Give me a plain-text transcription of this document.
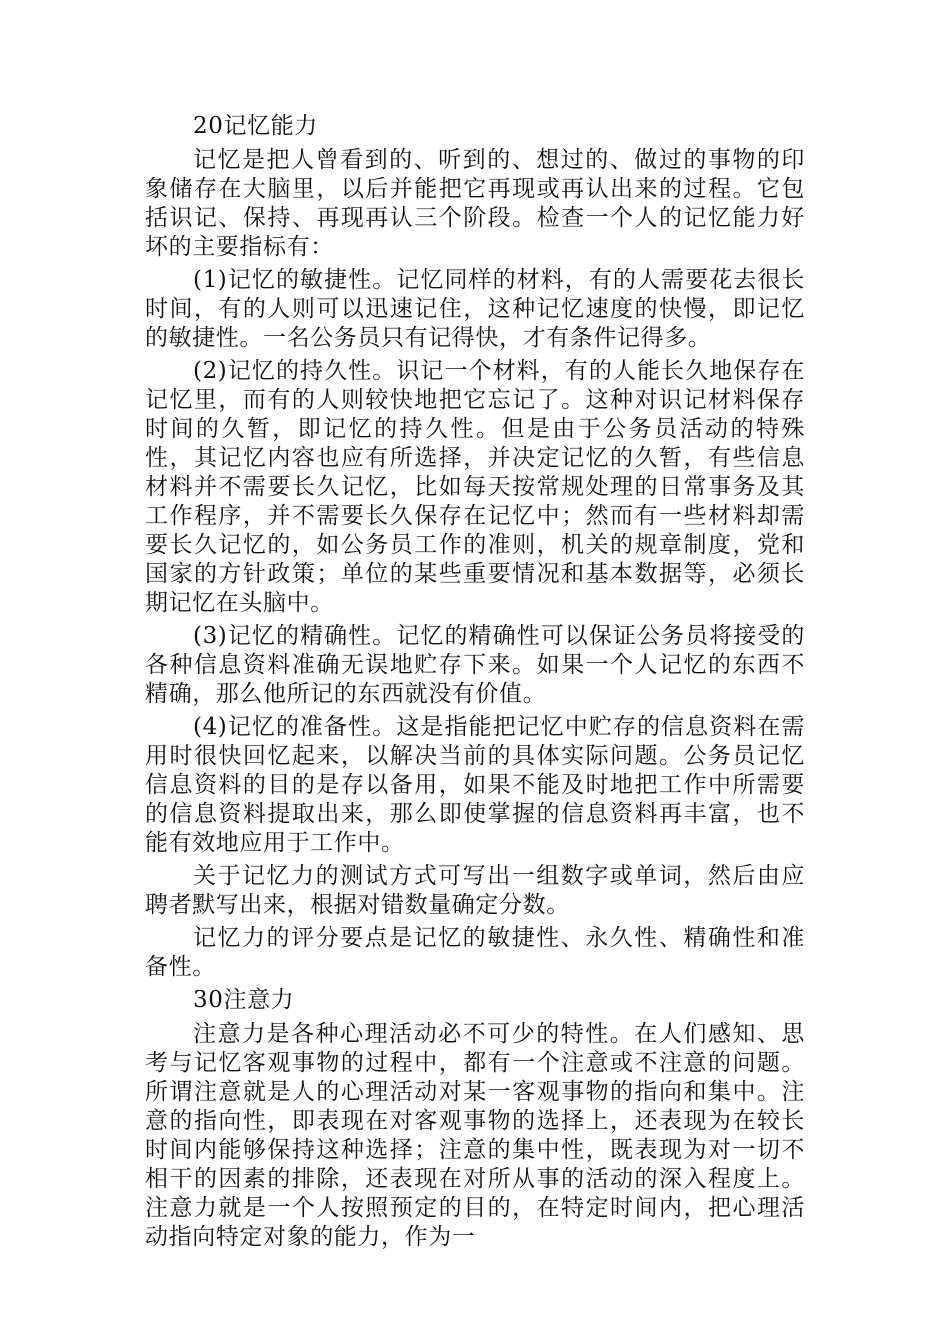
20记忆能力

记忆是把人曾看到的、听到的、想过的、做过的事物的印象储存在大脑里，以后并能把它再现或再认出来的过程。它包括识记、保持、再现再认三个阶段。检查一个人的记忆能力好坏的主要指标有：

(1)记忆的敏捷性。记忆同样的材料，有的人需要花去很长时间，有的人则可以迅速记住，这种记忆速度的快慢，即记忆的敏捷性。一名公务员只有记得快，才有条件记得多。

(2)记忆的持久性。识记一个材料，有的人能长久地保存在记忆里，而有的人则较快地把它忘记了。这种对识记材料保存时间的久暂，即记忆的持久性。但是由于公务员活动的特殊性，其记忆内容也应有所选择，并决定记忆的久暂，有些信息材料并不需要长久记忆，比如每天按常规处理的日常事务及其工作程序，并不需要长久保存在记忆中；然而有一些材料却需要长久记忆的，如公务员工作的准则，机关的规章制度，党和国家的方针政策；单位的某些重要情况和基本数据等，必须长期记忆在头脑中。

(3)记忆的精确性。记忆的精确性可以保证公务员将接受的各种信息资料准确无误地贮存下来。如果一个人记忆的东西不精确，那么他所记的东西就没有价值。

(4)记忆的准备性。这是指能把记忆中贮存的信息资料在需用时很快回忆起来，以解决当前的具体实际问题。公务员记忆信息资料的目的是存以备用，如果不能及时地把工作中所需要的信息资料提取出来，那么即使掌握的信息资料再丰富，也不能有效地应用于工作中。

关于记忆力的测试方式可写出一组数字或单词，然后由应聘者默写出来，根据对错数量确定分数。

记忆力的评分要点是记忆的敏捷性、永久性、精确性和准备性。

30注意力

注意力是各种心理活动必不可少的特性。在人们感知、思考与记忆客观事物的过程中，都有一个注意或不注意的问题。所谓注意就是人的心理活动对某一客观事物的指向和集中。注意的指向性，即表现在对客观事物的选择上，还表现为在较长时间内能够保持这种选择；注意的集中性，既表现为对一切不相干的因素的排除，还表现在对所从事的活动的深入程度上。注意力就是一个人按照预定的目的，在特定时间内，把心理活动指向特定对象的能力，作为一
